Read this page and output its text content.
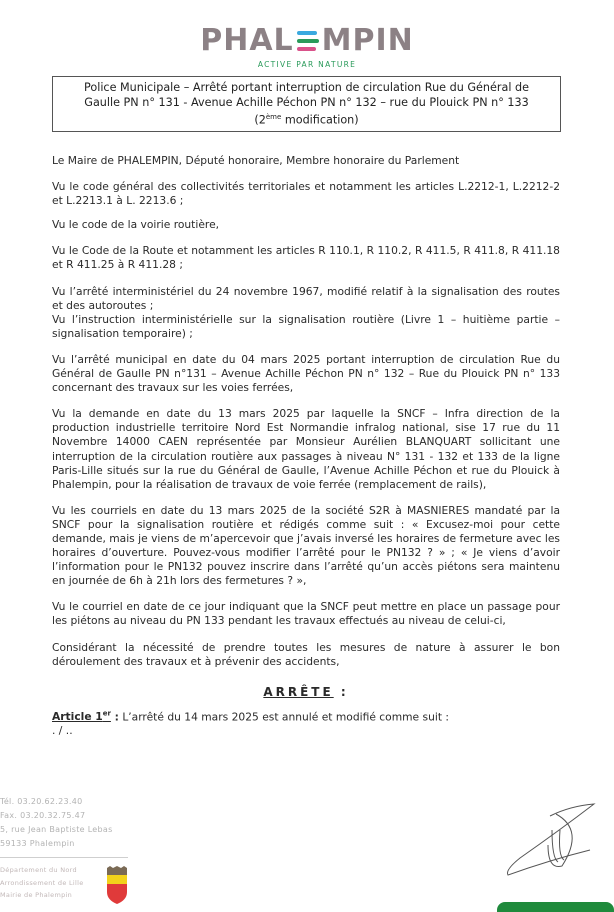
PHAL MPIN
ACTIVE PAR NATURE
Police Municipale – Arrêté portant interruption de circulation Rue du Général de
Gaulle PN n° 131 - Avenue Achille Péchon PN n° 132 – rue du Plouick PN n° 133
(2ème modification)

Le Maire de PHALEMPIN, Député honoraire, Membre honoraire du Parlement

Vu le code général des collectivités territoriales et notamment les articles L.2212-1, L.2212-2 et L.2213.1 à L. 2213.6 ;

Vu le code de la voirie routière,

Vu le Code de la Route et notamment les articles R 110.1, R 110.2, R 411.5, R 411.8, R 411.18 et R 411.25 à R 411.28 ;

Vu l’arrêté interministériel du 24 novembre 1967, modifié relatif à la signalisation des routes et des autoroutes ;

Vu l’instruction interministérielle sur la signalisation routière (Livre 1 – huitième partie – signalisation temporaire) ;

Vu l’arrêté municipal en date du 04 mars 2025 portant interruption de circulation Rue du Général de Gaulle PN n°131 – Avenue Achille Péchon PN n° 132 – Rue du Plouick PN n° 133 concernant des travaux sur les voies ferrées,

Vu la demande en date du 13 mars 2025 par laquelle la SNCF – Infra direction de la production industrielle territoire Nord Est Normandie infralog national, sise 17 rue du 11 Novembre 14000 CAEN représentée par Monsieur Aurélien BLANQUART sollicitant une interruption de la circulation routière aux passages à niveau N° 131 - 132 et 133 de la ligne Paris-Lille situés sur la rue du Général de Gaulle, l’Avenue Achille Péchon et rue du Plouick à Phalempin, pour la réalisation de travaux de voie ferrée (remplacement de rails),

Vu les courriels en date du 13 mars 2025 de la société S2R à MASNIERES mandaté par la SNCF pour la signalisation routière et rédigés comme suit : « Excusez-moi pour cette demande, mais je viens de m’apercevoir que j’avais inversé les horaires de fermeture avec les horaires d’ouverture. Pouvez-vous modifier l’arrêté pour le PN132 ? » ; « Je viens d’avoir l’information pour le PN132 pouvez inscrire dans l’arrêté qu’un accès piétons sera maintenu en journée de 6h à 21h lors des fermetures ? »,

Vu le courriel en date de ce jour indiquant que la SNCF peut mettre en place un passage pour les piétons au niveau du PN 133 pendant les travaux effectués au niveau de celui-ci,

Considérant la nécessité de prendre toutes les mesures de nature à assurer le bon déroulement des travaux et à prévenir des accidents,

ARRÊTE :
Article 1er : L’arrêté du 14 mars 2025 est annulé et modifié comme suit :
. / ..
Tél. 03.20.62.23.40
Fax. 03.20.32.75.47
5, rue Jean Baptiste Lebas
59133 Phalempin
Département du Nord
Arrondissement de Lille
Mairie de Phalempin
